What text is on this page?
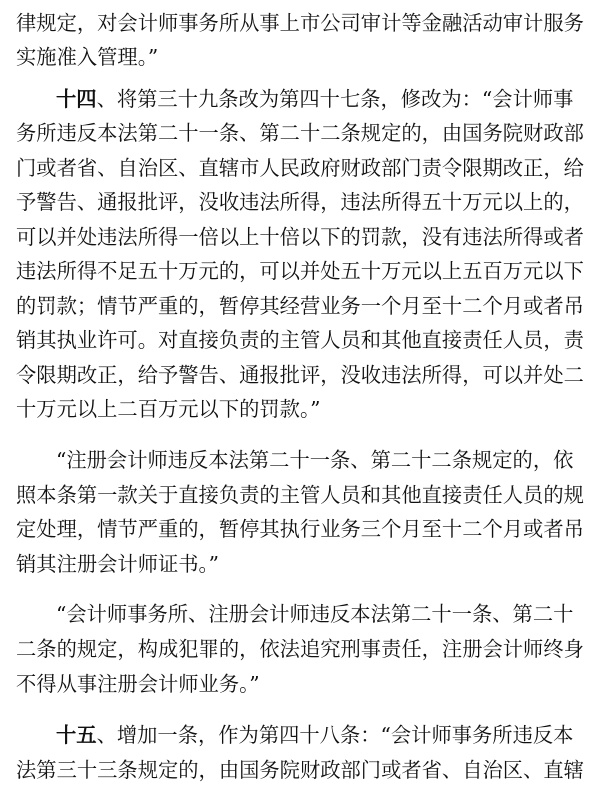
律规定，对会计师事务所从事上市公司审计等金融活动审计服务
实施准入管理。”
十四、将第三十九条改为第四十七条，修改为：“会计师事
务所违反本法第二十一条、第二十二条规定的，由国务院财政部
门或者省、自治区、直辖市人民政府财政部门责令限期改正，给
予警告、通报批评，没收违法所得，违法所得五十万元以上的，
可以并处违法所得一倍以上十倍以下的罚款，没有违法所得或者
违法所得不足五十万元的，可以并处五十万元以上五百万元以下
的罚款；情节严重的，暂停其经营业务一个月至十二个月或者吊
销其执业许可。对直接负责的主管人员和其他直接责任人员，责
令限期改正，给予警告、通报批评，没收违法所得，可以并处二
十万元以上二百万元以下的罚款。”
“注册会计师违反本法第二十一条、第二十二条规定的，依
照本条第一款关于直接负责的主管人员和其他直接责任人员的规
定处理，情节严重的，暂停其执行业务三个月至十二个月或者吊
销其注册会计师证书。”
“会计师事务所、注册会计师违反本法第二十一条、第二十
二条的规定，构成犯罪的，依法追究刑事责任，注册会计师终身
不得从事注册会计师业务。”
十五、增加一条，作为第四十八条：“会计师事务所违反本
法第三十三条规定的，由国务院财政部门或者省、自治区、直辖
